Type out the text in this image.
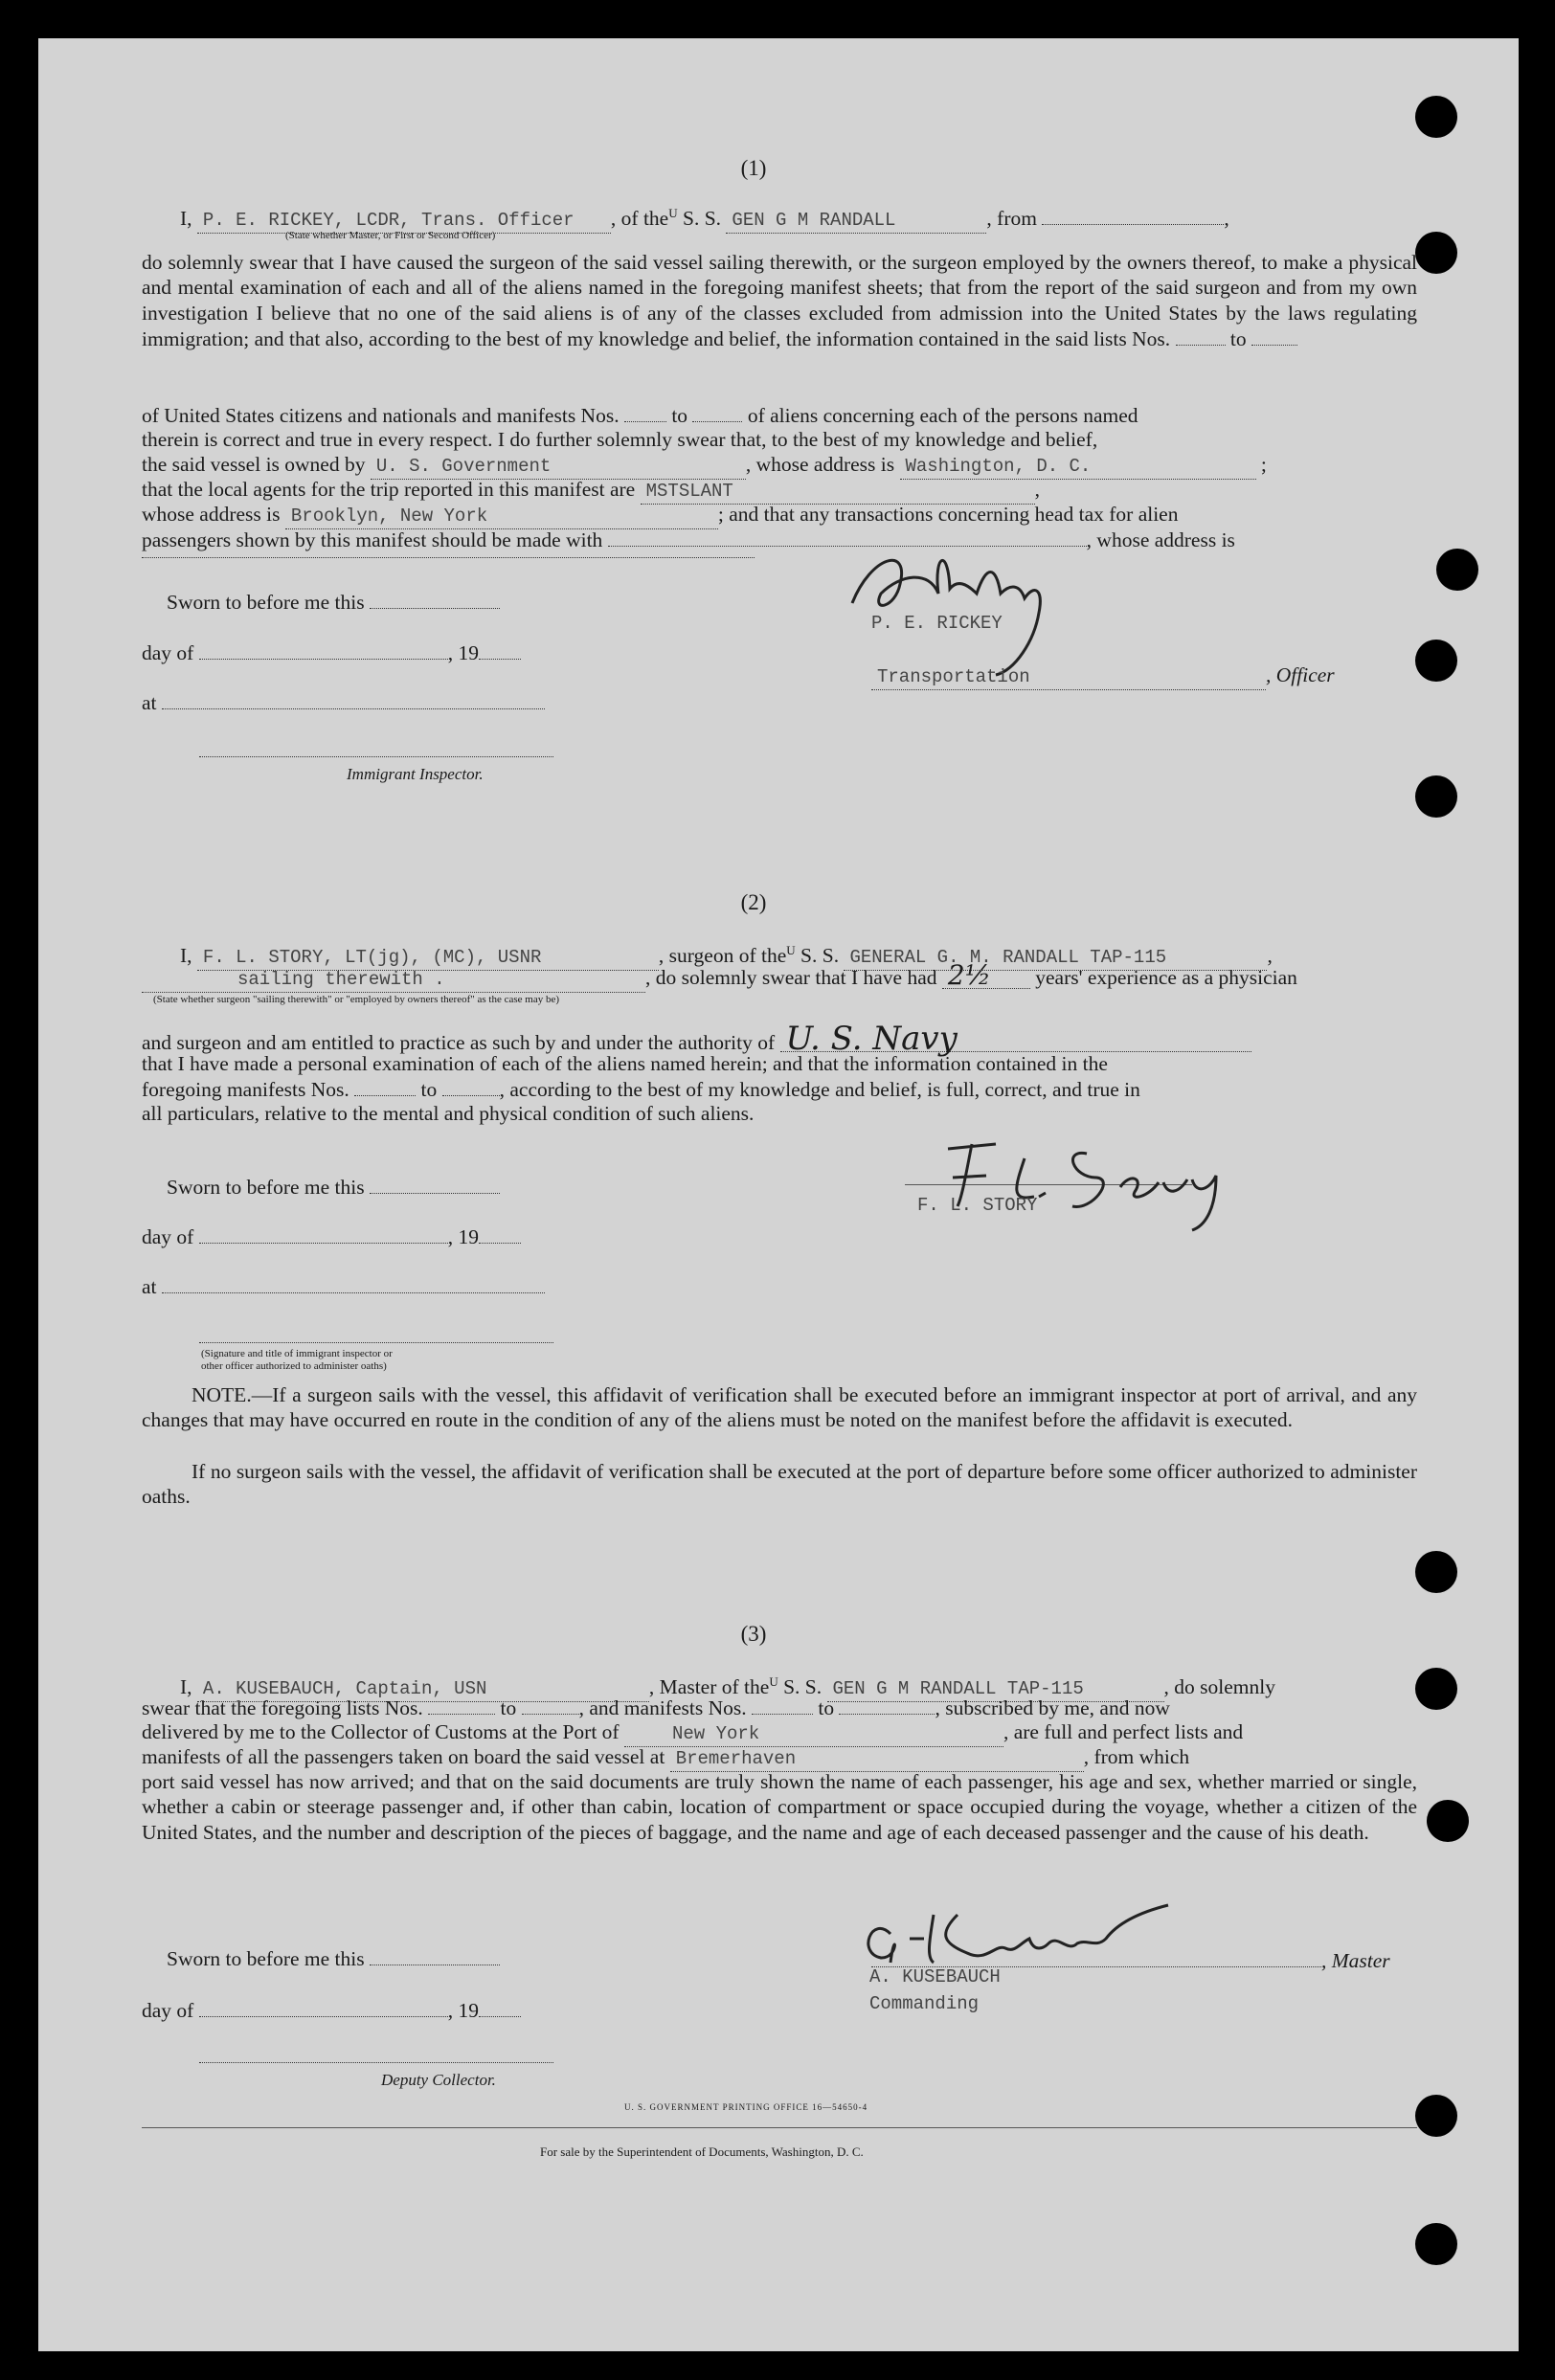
(1)
I, P. E. RICKEY, LCDR, Trans. Officer , of the$^U$ S. S. GEN G M RANDALL	, from	,
(State whether Master, or First or Second Officer)
do solemnly swear that I have caused the surgeon of the said vessel sailing therewith, or the surgeon employed by the owners thereof, to make a physical and mental examination of each and all of the aliens named in the foregoing manifest sheets; that from the report of the said surgeon and from my own investigation I believe that no one of the said aliens is of any of the classes excluded from admission into the United States by the laws regulating immigration; and that also, according to the best of my knowledge and belief, the information contained in the said lists Nos.	to
of United States citizens and nationals and manifests Nos.	to	of aliens concerning each of the persons named
therein is correct and true in every respect. I do further solemnly swear that, to the best of my knowledge and belief,
the said vessel is owned by U. S. Government	, whose address is Washington, D. C.	;
that the local agents for the trip reported in this manifest are MSTSLANT	,
whose address is Brooklyn, New York	; and that any transactions concerning head tax for alien
passengers shown by this manifest should be made with	, whose address is
Sworn to before me this
day of	, 19
at
Immigrant Inspector.
P. E. RICKEY
Transportation	, Officer
(2)
I, F. L. STORY, LT(jg), (MC), USNR	, surgeon of the$^U$ S. S. GENERAL G. M. RANDALL TAP-115	,
sailing therewith .	, do solemnly swear that I have had 2½ years' experience as a physician
(State whether surgeon "sailing therewith" or "employed by owners thereof" as the case may be)
and surgeon and am entitled to practice as such by and under the authority of U. S. Navy
that I have made a personal examination of each of the aliens named herein; and that the information contained in the
foregoing manifests Nos.	to	, according to the best of my knowledge and belief, is full, correct, and true in
all particulars, relative to the mental and physical condition of such aliens.
Sworn to before me this
day of	, 19
at
(Signature and title of immigrant inspector or
other officer authorized to administer oaths)
F. L. STORY
NOTE.—If a surgeon sails with the vessel, this affidavit of verification shall be executed before an immigrant inspector at port of arrival, and any changes that may have occurred en route in the condition of any of the aliens must be noted on the manifest before the affidavit is executed.
If no surgeon sails with the vessel, the affidavit of verification shall be executed at the port of departure before some officer authorized to administer oaths.
(3)
I, A. KUSEBAUCH, Captain, USN	, Master of the$^U$ S. S. GEN G M RANDALL TAP-115	, do solemnly
swear that the foregoing lists Nos.	to	, and manifests Nos.	to	, subscribed by me, and now
delivered by me to the Collector of Customs at the Port of	New York	, are full and perfect lists and
manifests of all the passengers taken on board the said vessel at Bremerhaven	, from which
port said vessel has now arrived; and that on the said documents are truly shown the name of each passenger, his age and sex, whether married or single, whether a cabin or steerage passenger and, if other than cabin, location of compartment or space occupied during the voyage, whether a citizen of the United States, and the number and description of the pieces of baggage, and the name and age of each deceased passenger and the cause of his death.
Sworn to before me this
day of	, 19
Deputy Collector.
, Master
A. KUSEBAUCH
Commanding
U. S. GOVERNMENT PRINTING OFFICE 16—54650-4
For sale by the Superintendent of Documents, Washington, D. C.
